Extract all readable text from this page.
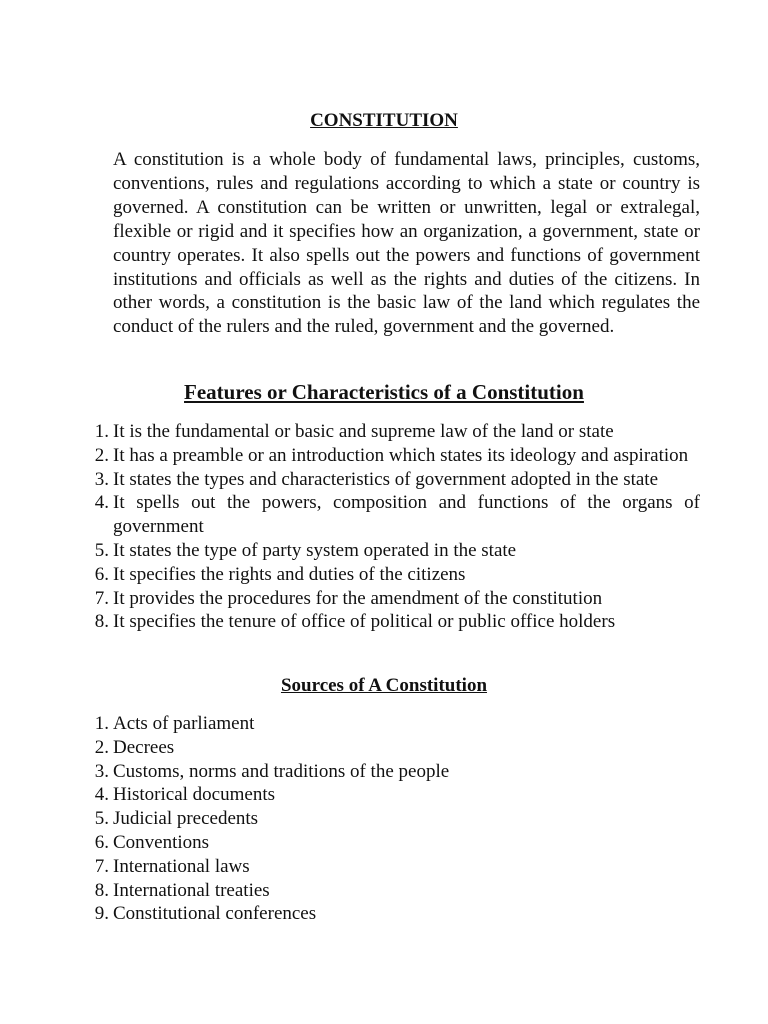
CONSTITUTION

A constitution is a whole body of fundamental laws, principles, customs, conventions, rules and regulations according to which a state or country is governed. A constitution can be written or unwritten, legal or extralegal, flexible or rigid and it specifies how an organization, a government, state or country operates. It also spells out the powers and functions of government institutions and officials as well as the rights and duties of the citizens. In other words, a constitution is the basic law of the land which regulates the conduct of the rulers and the ruled, government and the governed.

Features or Characteristics of a Constitution
1. It is the fundamental or basic and supreme law of the land or state
2. It has a preamble or an introduction which states its ideology and aspiration
3. It states the types and characteristics of government adopted in the state
4. It spells out the powers, composition and functions of the organs of government
5. It states the type of party system operated in the state
6. It specifies the rights and duties of the citizens
7. It provides the procedures for the amendment of the constitution
8. It specifies the tenure of office of political or public office holders
Sources of A Constitution
1. Acts of parliament
2. Decrees
3. Customs, norms and traditions of the people
4. Historical documents
5. Judicial precedents
6. Conventions
7. International laws
8. International treaties
9. Constitutional conferences
